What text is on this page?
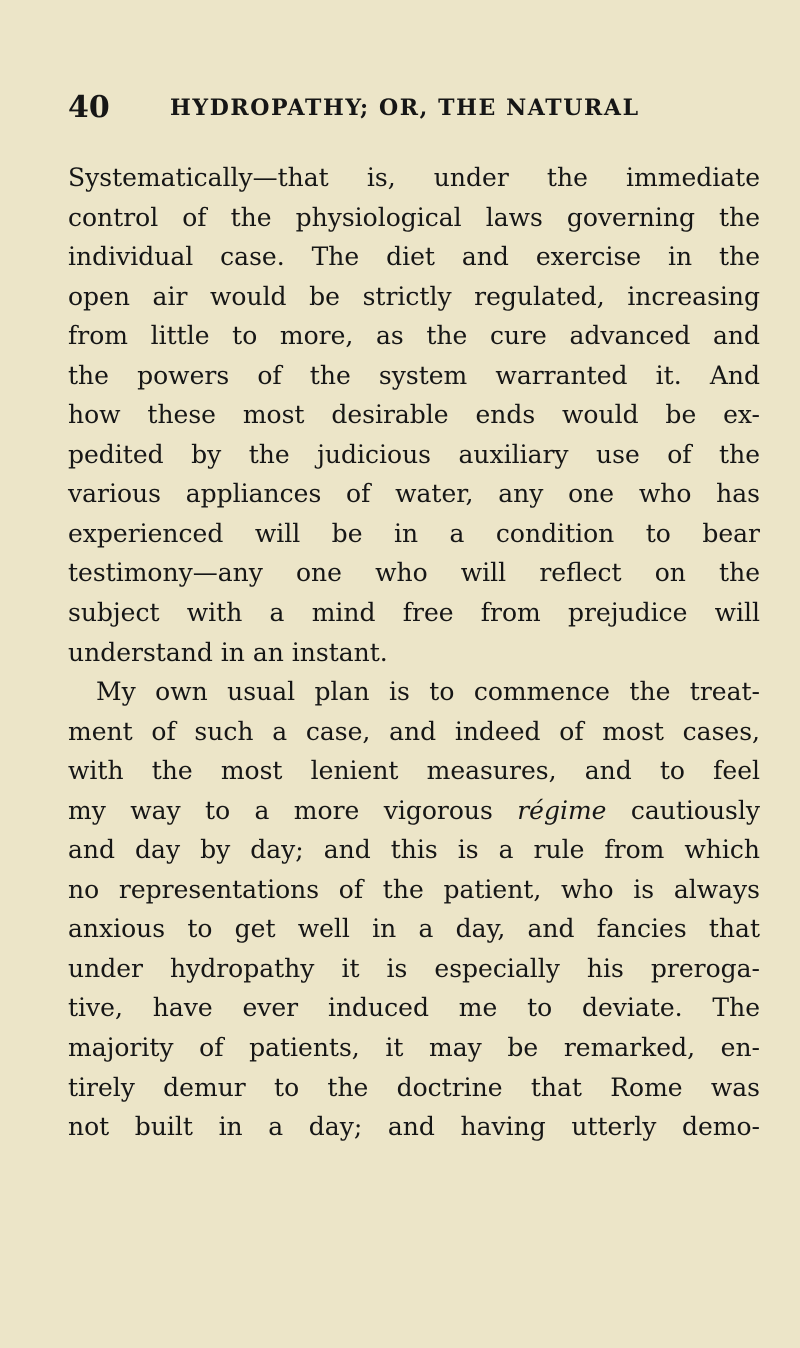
40	HYDROPATHY; OR, THE NATURAL
Systematically—that is, under the immediate
control of the physiological laws governing the
individual case. The diet and exercise in the
open air would be strictly regulated, increasing
from little to more, as the cure advanced and
the powers of the system warranted it. And
how these most desirable ends would be ex-
pedited by the judicious auxiliary use of the
various appliances of water, any one who has
experienced will be in a condition to bear
testimony—any one who will reflect on the
subject with a mind free from prejudice will
understand in an instant.
My own usual plan is to commence the treat-
ment of such a case, and indeed of most cases,
with the most lenient measures, and to feel
my way to a more vigorous régime cautiously
and day by day; and this is a rule from which
no representations of the patient, who is always
anxious to get well in a day, and fancies that
under hydropathy it is especially his preroga-
tive, have ever induced me to deviate. The
majority of patients, it may be remarked, en-
tirely demur to the doctrine that Rome was
not built in a day; and having utterly demo-
